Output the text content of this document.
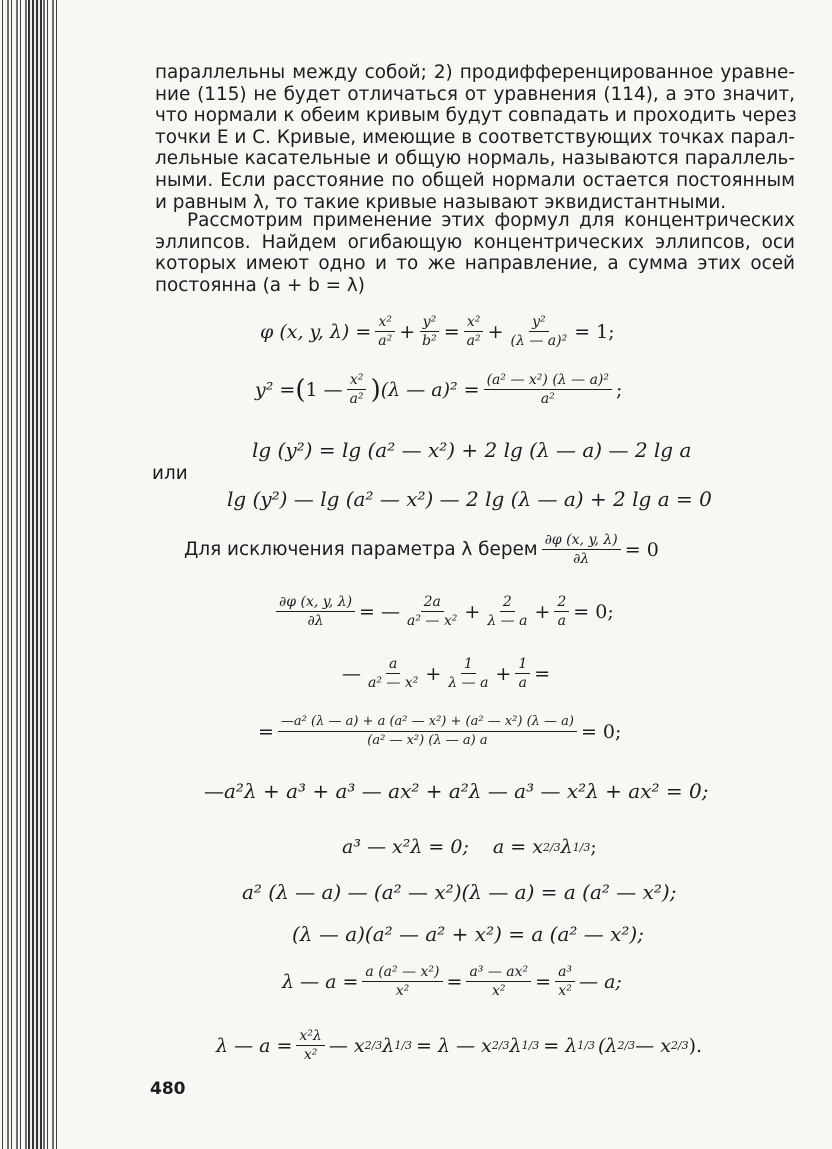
параллельны между собой; 2) продифференцированное уравне-
ние (115) не будет отличаться от уравнения (114), а это значит,
что нормали к обеим кривым будут совпадать и проходить через
точки E и C. Кривые, имеющие в соответствующих точках парал-
лельные касательные и общую нормаль, называются параллель-
ными. Если расстояние по общей нормали остается постоянным
и равным λ, то такие кривые называют эквидистантными.
Рассмотрим применение этих формул для концентрических
эллипсов. Найдем огибающую концентрических эллипсов, оси
которых имеют одно и то же направление, а сумма этих осей
постоянна (a + b = λ)
φ (x, y, $\lambda) = \frac{\text{x²}}{\text{a²}} + \frac{\text{y²}}{\text{b²}} = \frac{\text{x²}}{\text{a²}} + \frac{\text{y²}}{\text{(λ — a)²}} = 1$;
y² = ( 1 — $\frac{\text{x²}}{\text{a²}}$ ) (λ — $a)^2 = \frac{\text{(a² — x²) (λ — a)²}}{\text{a²}}$ ;
lg (y²) = lg (a² — x²) + 2 lg (λ — a) — 2 lg a
или
lg (y²) — lg (a² — x²) — 2 lg (λ — a) + 2 lg a = 0
Для исключения параметра λ берем $\frac{\partial\varphi (x, y, \lambda)}{\partial\lambda} = 0$
$\frac{\partial\varphi (x, y, \lambda)}{\partial\lambda}$ = — $\frac{2a}{\text{a² — x²}} + \frac{2}{\lambda — a} + \frac{2}{a} = 0$;
— $\frac{a}{\text{a² — x²}} + \frac{1}{\lambda — a} + \frac{1}{a}$ =
= $\frac{\text{—a² (λ — a) + a (a² — x²) + (a² — x²) (λ — a)}}{\text{(a² — x²) (λ — a) a}} = 0$;
—a²λ + a³ + a³ — ax² + a²λ — a³ — x²λ + ax² = 0;
a³ — x²λ = 0; a = x 2/3 λ 1/3 ;
a² (λ — a) — (a² — x²)(λ — a) = a (a² — x²);
(λ — a)(a² — a² + x²) = a (a² — x²);
λ — $a = \frac{\text{a (a² — x²)}}{\text{x²}} = \frac{\text{a³ — ax²}}{\text{x²}} = \frac{\text{a³}}{\text{x²}}$ — a;
λ — $a = \frac{\text{x²λ}}{\text{x²}}$ — x 2/3 λ 1/3 = λ — x 2/3 λ 1/3 = λ 1/3 (λ 2/3 — x 2/3 ).
480
